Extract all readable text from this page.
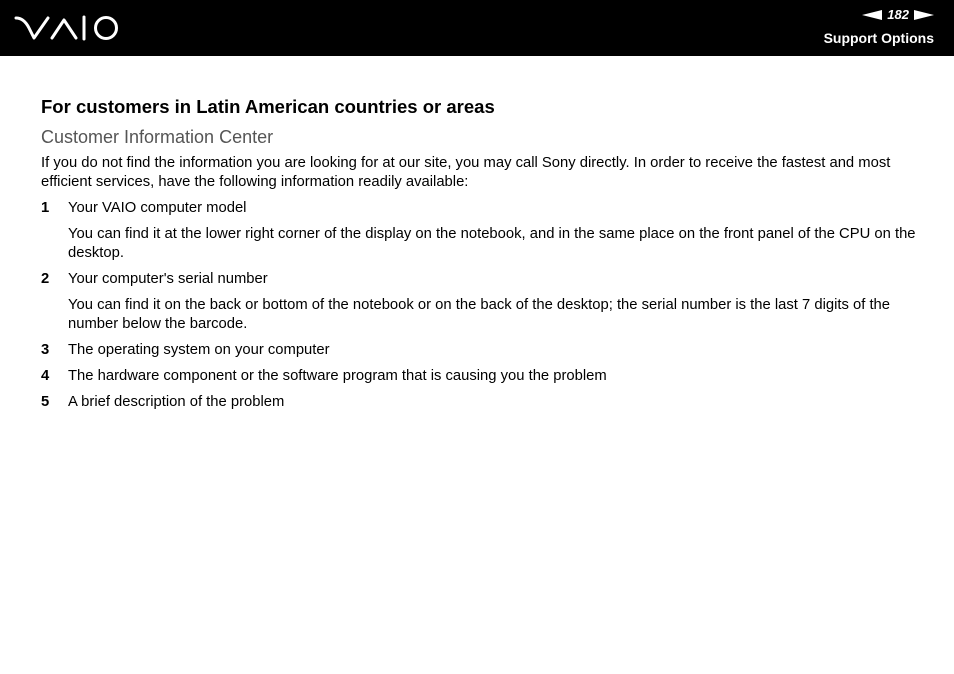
182
Support Options
For customers in Latin American countries or areas
Customer Information Center

If you do not find the information you are looking for at our site, you may call Sony directly. In order to receive the fastest and most efficient services, have the following information readily available:

1	Your VAIO computer model
You can find it at the lower right corner of the display on the notebook, and in the same place on the front panel of the CPU on the desktop.
2	Your computer's serial number
You can find it on the back or bottom of the notebook or on the back of the desktop; the serial number is the last 7 digits of the number below the barcode.
3	The operating system on your computer
4	The hardware component or the software program that is causing you the problem
5	A brief description of the problem
